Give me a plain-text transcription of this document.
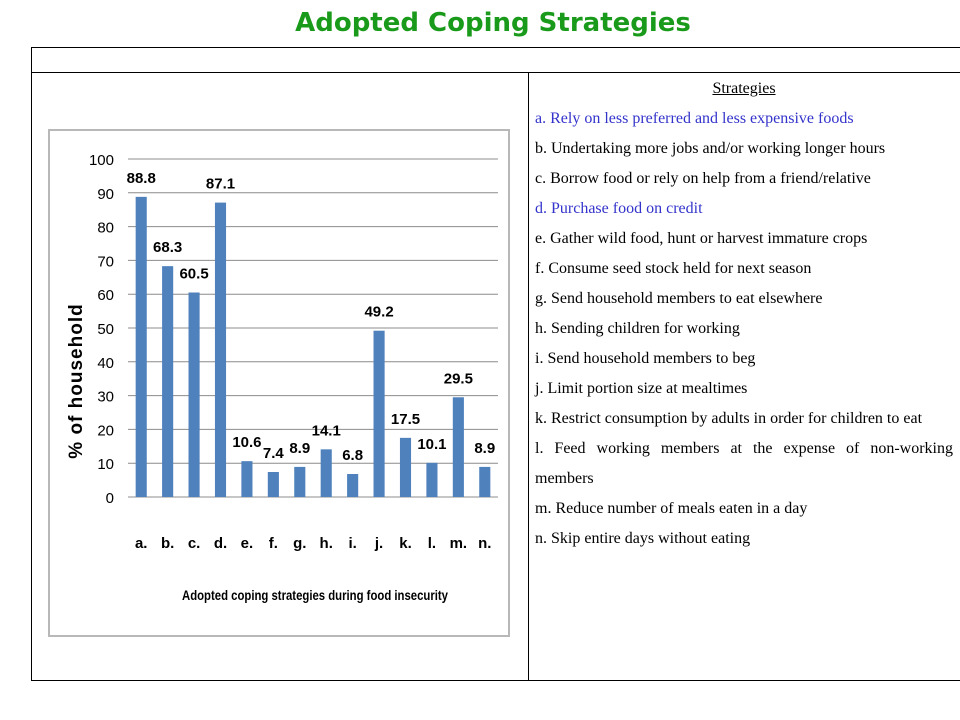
Adopted Coping Strategies
0
10
20
30
40
50
60
70
80
90
100
88.8
68.3
60.5
87.1
10.6
7.4 8.9
14.1
6.8
49.2
17.5
10.1
29.5
8.9
a. b. c. d. e. f. g. h. i. j. k. l. m. n.
% of household
Adopted coping strategies during food insecurity
Strategies
a. Rely on less preferred and less expensive foods
b. Undertaking more jobs and/or working longer hours
c. Borrow food or rely on help from a friend/relative
d. Purchase food on credit
e. Gather wild food, hunt or harvest immature crops
f. Consume seed stock held for next season
g. Send household members to eat elsewhere
h. Sending children for working
i. Send household members to beg
j. Limit portion size at mealtimes
k. Restrict consumption by adults in order for children to eat
l. Feed working members at the expense of non-working members
m. Reduce number of meals eaten in a day
n. Skip entire days without eating
